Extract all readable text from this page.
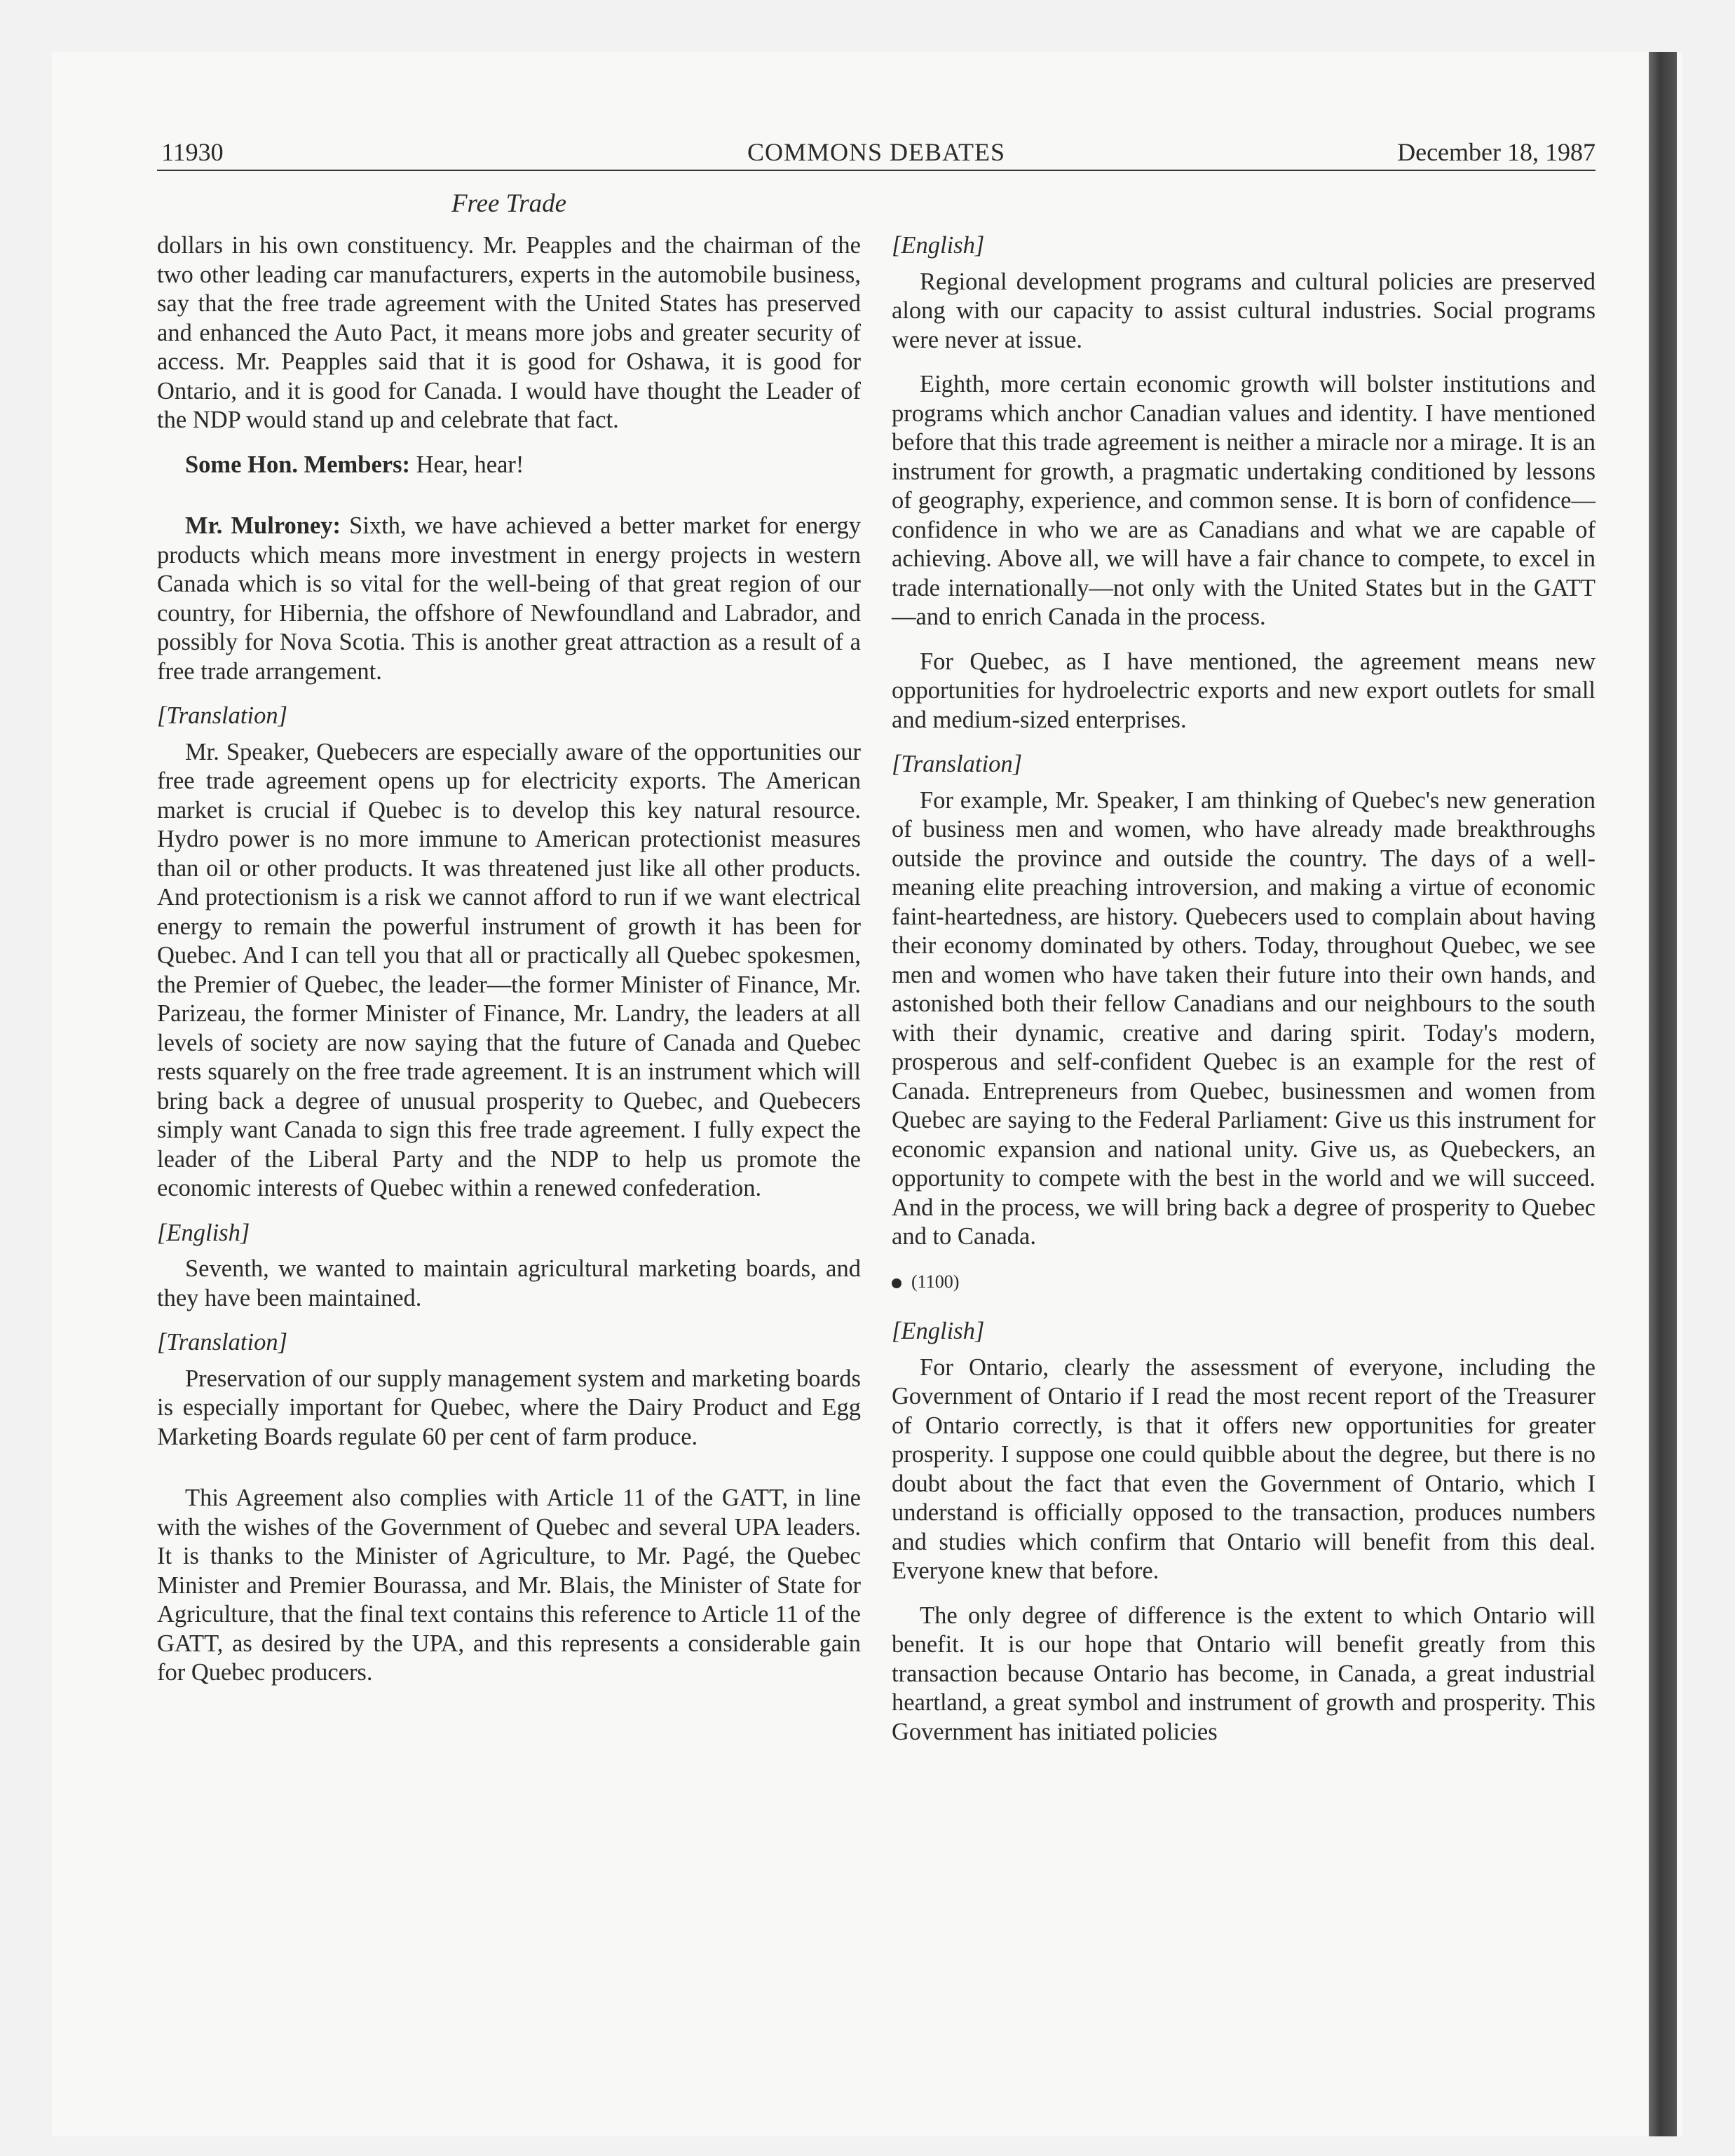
11930	COMMONS DEBATES	December 18, 1987
Free Trade

dollars in his own constituency. Mr. Peapples and the chairman of the two other leading car manufacturers, experts in the automobile business, say that the free trade agreement with the United States has preserved and enhanced the Auto Pact, it means more jobs and greater security of access. Mr. Peapples said that it is good for Oshawa, it is good for Ontario, and it is good for Canada. I would have thought the Leader of the NDP would stand up and celebrate that fact.

Some Hon. Members: Hear, hear!

Mr. Mulroney: Sixth, we have achieved a better market for energy products which means more investment in energy projects in western Canada which is so vital for the well-being of that great region of our country, for Hibernia, the offshore of Newfoundland and Labrador, and possibly for Nova Scotia. This is another great attraction as a result of a free trade arrangement.

[Translation]

Mr. Speaker, Quebecers are especially aware of the opportunities our free trade agreement opens up for electricity exports. The American market is crucial if Quebec is to develop this key natural resource. Hydro power is no more immune to American protectionist measures than oil or other products. It was threatened just like all other products. And protectionism is a risk we cannot afford to run if we want electrical energy to remain the powerful instrument of growth it has been for Quebec. And I can tell you that all or practically all Quebec spokesmen, the Premier of Quebec, the leader—the former Minister of Finance, Mr. Parizeau, the former Minister of Finance, Mr. Landry, the leaders at all levels of society are now saying that the future of Canada and Quebec rests squarely on the free trade agreement. It is an instrument which will bring back a degree of unusual prosperity to Quebec, and Quebecers simply want Canada to sign this free trade agreement. I fully expect the leader of the Liberal Party and the NDP to help us promote the economic interests of Quebec within a renewed confederation.

[English]

Seventh, we wanted to maintain agricultural marketing boards, and they have been maintained.

[Translation]

Preservation of our supply management system and marketing boards is especially important for Quebec, where the Dairy Product and Egg Marketing Boards regulate 60 per cent of farm produce.

This Agreement also complies with Article 11 of the GATT, in line with the wishes of the Government of Quebec and several UPA leaders. It is thanks to the Minister of Agriculture, to Mr. Pagé, the Quebec Minister and Premier Bourassa, and Mr. Blais, the Minister of State for Agriculture, that the final text contains this reference to Article 11 of the GATT, as desired by the UPA, and this represents a considerable gain for Quebec producers.

[English]

Regional development programs and cultural policies are preserved along with our capacity to assist cultural industries. Social programs were never at issue.

Eighth, more certain economic growth will bolster institutions and programs which anchor Canadian values and identity. I have mentioned before that this trade agreement is neither a miracle nor a mirage. It is an instrument for growth, a pragmatic undertaking conditioned by lessons of geography, experience, and common sense. It is born of confidence—confidence in who we are as Canadians and what we are capable of achieving. Above all, we will have a fair chance to compete, to excel in trade internationally—not only with the United States but in the GATT—and to enrich Canada in the process.

For Quebec, as I have mentioned, the agreement means new opportunities for hydroelectric exports and new export outlets for small and medium-sized enterprises.

[Translation]

For example, Mr. Speaker, I am thinking of Quebec's new generation of business men and women, who have already made breakthroughs outside the province and outside the country. The days of a well-meaning elite preaching introversion, and making a virtue of economic faint-heartedness, are history. Quebecers used to complain about having their economy dominated by others. Today, throughout Quebec, we see men and women who have taken their future into their own hands, and astonished both their fellow Canadians and our neighbours to the south with their dynamic, creative and daring spirit. Today's modern, prosperous and self-confident Quebec is an example for the rest of Canada. Entrepreneurs from Quebec, businessmen and women from Quebec are saying to the Federal Parliament: Give us this instrument for economic expansion and national unity. Give us, as Quebeckers, an opportunity to compete with the best in the world and we will succeed. And in the process, we will bring back a degree of prosperity to Quebec and to Canada.

(1100)

[English]

For Ontario, clearly the assessment of everyone, including the Government of Ontario if I read the most recent report of the Treasurer of Ontario correctly, is that it offers new opportunities for greater prosperity. I suppose one could quibble about the degree, but there is no doubt about the fact that even the Government of Ontario, which I understand is officially opposed to the transaction, produces numbers and studies which confirm that Ontario will benefit from this deal. Everyone knew that before.

The only degree of difference is the extent to which Ontario will benefit. It is our hope that Ontario will benefit greatly from this transaction because Ontario has become, in Canada, a great industrial heartland, a great symbol and instrument of growth and prosperity. This Government has initiated policies
